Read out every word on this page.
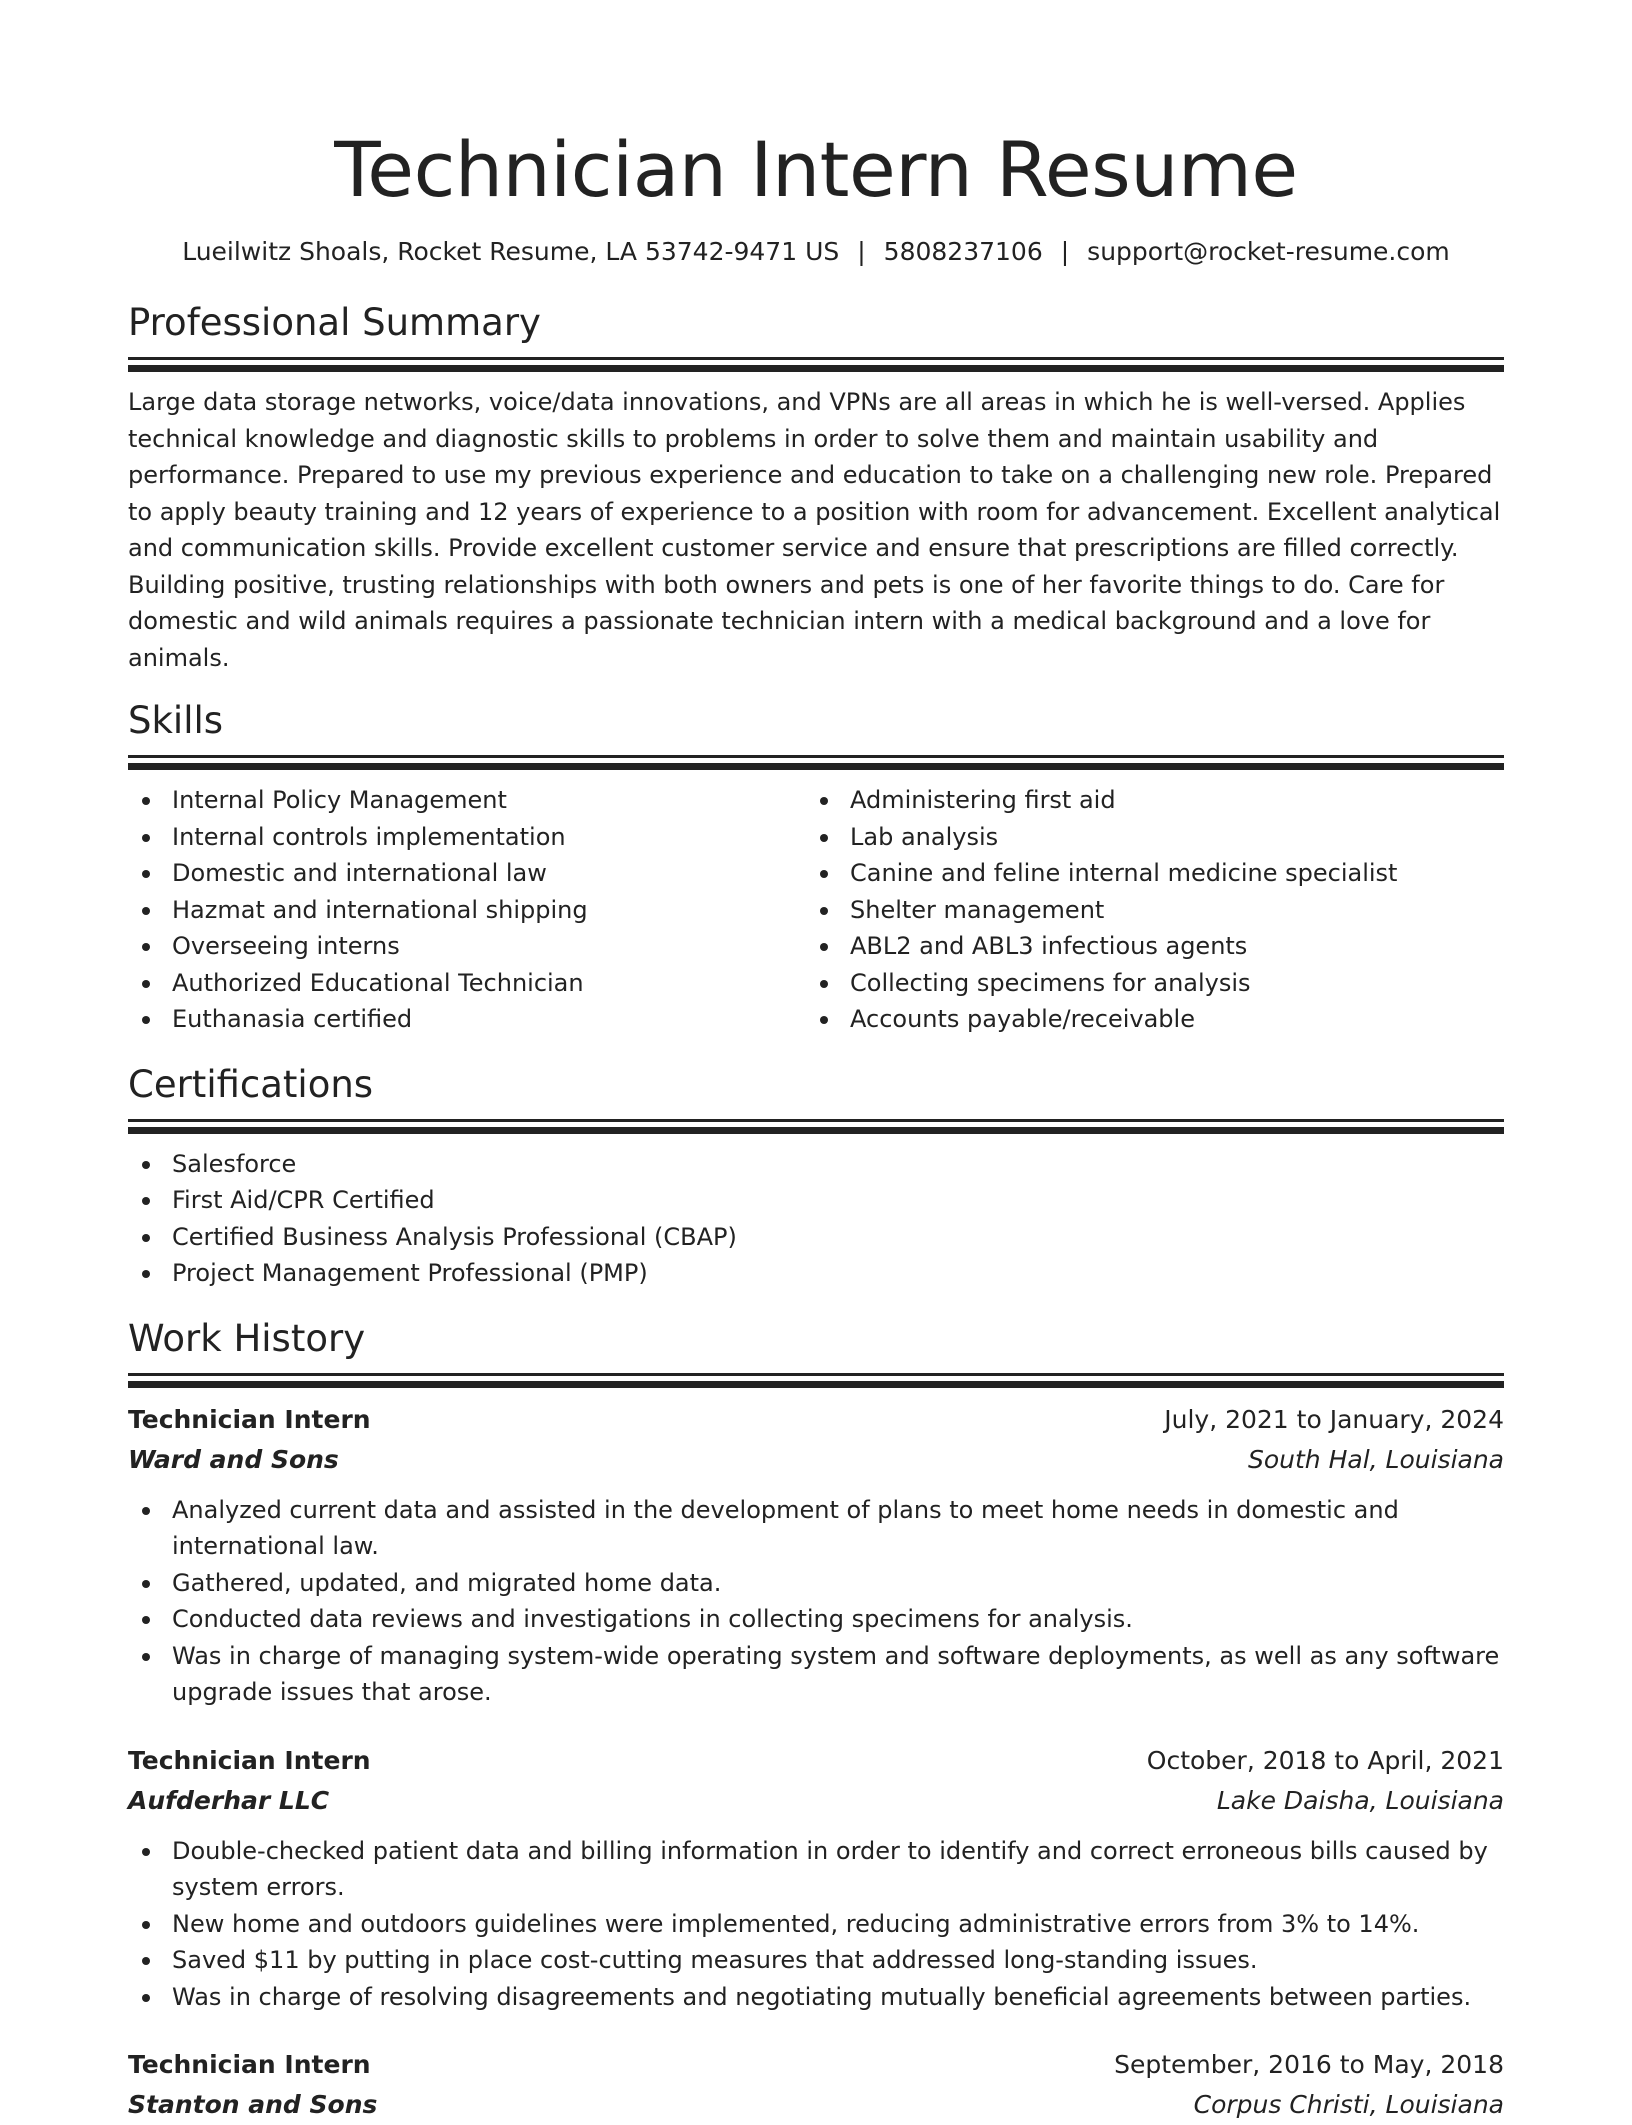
Technician Intern Resume
Lueilwitz Shoals, Rocket Resume, LA 53742-9471 US | 5808237106 | support@rocket-resume.com
Professional Summary

Large data storage networks, voice/data innovations, and VPNs are all areas in which he is well-versed. Applies technical knowledge and diagnostic skills to problems in order to solve them and maintain usability and performance. Prepared to use my previous experience and education to take on a challenging new role. Prepared to apply beauty training and 12 years of experience to a position with room for advancement. Excellent analytical and communication skills. Provide excellent customer service and ensure that prescriptions are filled correctly. Building positive, trusting relationships with both owners and pets is one of her favorite things to do. Care for domestic and wild animals requires a passionate technician intern with a medical background and a love for animals.

Skills
Internal Policy Management
Internal controls implementation
Domestic and international law
Hazmat and international shipping
Overseeing interns
Authorized Educational Technician
Euthanasia certified
Administering first aid
Lab analysis
Canine and feline internal medicine specialist
Shelter management
ABL2 and ABL3 infectious agents
Collecting specimens for analysis
Accounts payable/receivable
Certifications
Salesforce
First Aid/CPR Certified
Certified Business Analysis Professional (CBAP)
Project Management Professional (PMP)
Work History
Technician Intern	July, 2021 to January, 2024
Ward and Sons	South Hal, Louisiana
Analyzed current data and assisted in the development of plans to meet home needs in domestic and international law.
Gathered, updated, and migrated home data.
Conducted data reviews and investigations in collecting specimens for analysis.
Was in charge of managing system-wide operating system and software deployments, as well as any software upgrade issues that arose.
Technician Intern	October, 2018 to April, 2021
Aufderhar LLC	Lake Daisha, Louisiana
Double-checked patient data and billing information in order to identify and correct erroneous bills caused by system errors.
New home and outdoors guidelines were implemented, reducing administrative errors from 3% to 14%.
Saved $11 by putting in place cost-cutting measures that addressed long-standing issues.
Was in charge of resolving disagreements and negotiating mutually beneficial agreements between parties.
Technician Intern	September, 2016 to May, 2018
Stanton and Sons	Corpus Christi, Louisiana
